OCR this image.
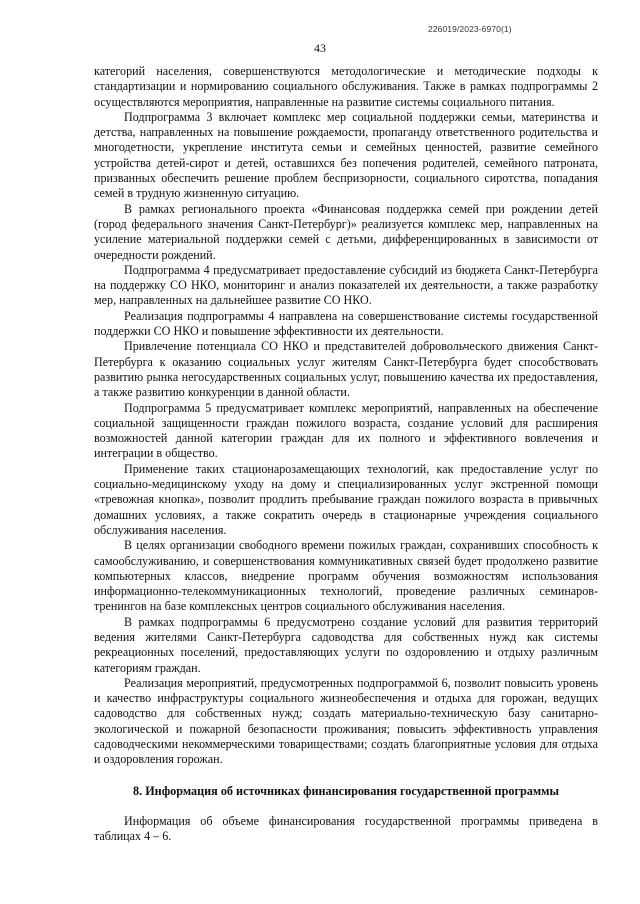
226019/2023-6970(1)
43

категорий населения, совершенствуются методологические и методические подходы к стандартизации и нормированию социального обслуживания. Также в рамках подпрограммы 2 осуществляются мероприятия, направленные на развитие системы социального питания.

Подпрограмма 3 включает комплекс мер социальной поддержки семьи, материнства и детства, направленных на повышение рождаемости, пропаганду ответственного родительства и многодетности, укрепление института семьи и семейных ценностей, развитие семейного устройства детей-сирот и детей, оставшихся без попечения родителей, семейного патроната, призванных обеспечить решение проблем беспризорности, социального сиротства, попадания семей в трудную жизненную ситуацию.

В рамках регионального проекта «Финансовая поддержка семей при рождении детей (город федерального значения Санкт-Петербург)» реализуется комплекс мер, направленных на усиление материальной поддержки семей с детьми, дифференцированных в зависимости от очередности рождений.

Подпрограмма 4 предусматривает предоставление субсидий из бюджета Санкт-Петербурга на поддержку СО НКО, мониторинг и анализ показателей их деятельности, а также разработку мер, направленных на дальнейшее развитие СО НКО.

Реализация подпрограммы 4 направлена на совершенствование системы государственной поддержки СО НКО и повышение эффективности их деятельности.

Привлечение потенциала СО НКО и представителей добровольческого движения Санкт-Петербурга к оказанию социальных услуг жителям Санкт-Петербурга будет способствовать развитию рынка негосударственных социальных услуг, повышению качества их предоставления, а также развитию конкуренции в данной области.

Подпрограмма 5 предусматривает комплекс мероприятий, направленных на обеспечение социальной защищенности граждан пожилого возраста, создание условий для расширения возможностей данной категории граждан для их полного и эффективного вовлечения и интеграции в общество.

Применение таких стационарозамещающих технологий, как предоставление услуг по социально-медицинскому уходу на дому и специализированных услуг экстренной помощи «тревожная кнопка», позволит продлить пребывание граждан пожилого возраста в привычных домашних условиях, а также сократить очередь в стационарные учреждения социального обслуживания населения.

В целях организации свободного времени пожилых граждан, сохранивших способность к самообслуживанию, и совершенствования коммуникативных связей будет продолжено развитие компьютерных классов, внедрение программ обучения возможностям использования информационно-телекоммуникационных технологий, проведение различных семинаров-тренингов на базе комплексных центров социального обслуживания населения.

В рамках подпрограммы 6 предусмотрено создание условий для развития территорий ведения жителями Санкт-Петербурга садоводства для собственных нужд как системы рекреационных поселений, предоставляющих услуги по оздоровлению и отдыху различным категориям граждан.

Реализация мероприятий, предусмотренных подпрограммой 6, позволит повысить уровень и качество инфраструктуры социального жизнеобеспечения и отдыха для горожан, ведущих садоводство для собственных нужд; создать материально-техническую базу санитарно-экологической и пожарной безопасности проживания; повысить эффективность управления садоводческими некоммерческими товариществами; создать благоприятные условия для отдыха и оздоровления горожан.

8. Информация об источниках финансирования государственной программы

Информация об объеме финансирования государственной программы приведена в таблицах 4 – 6.
